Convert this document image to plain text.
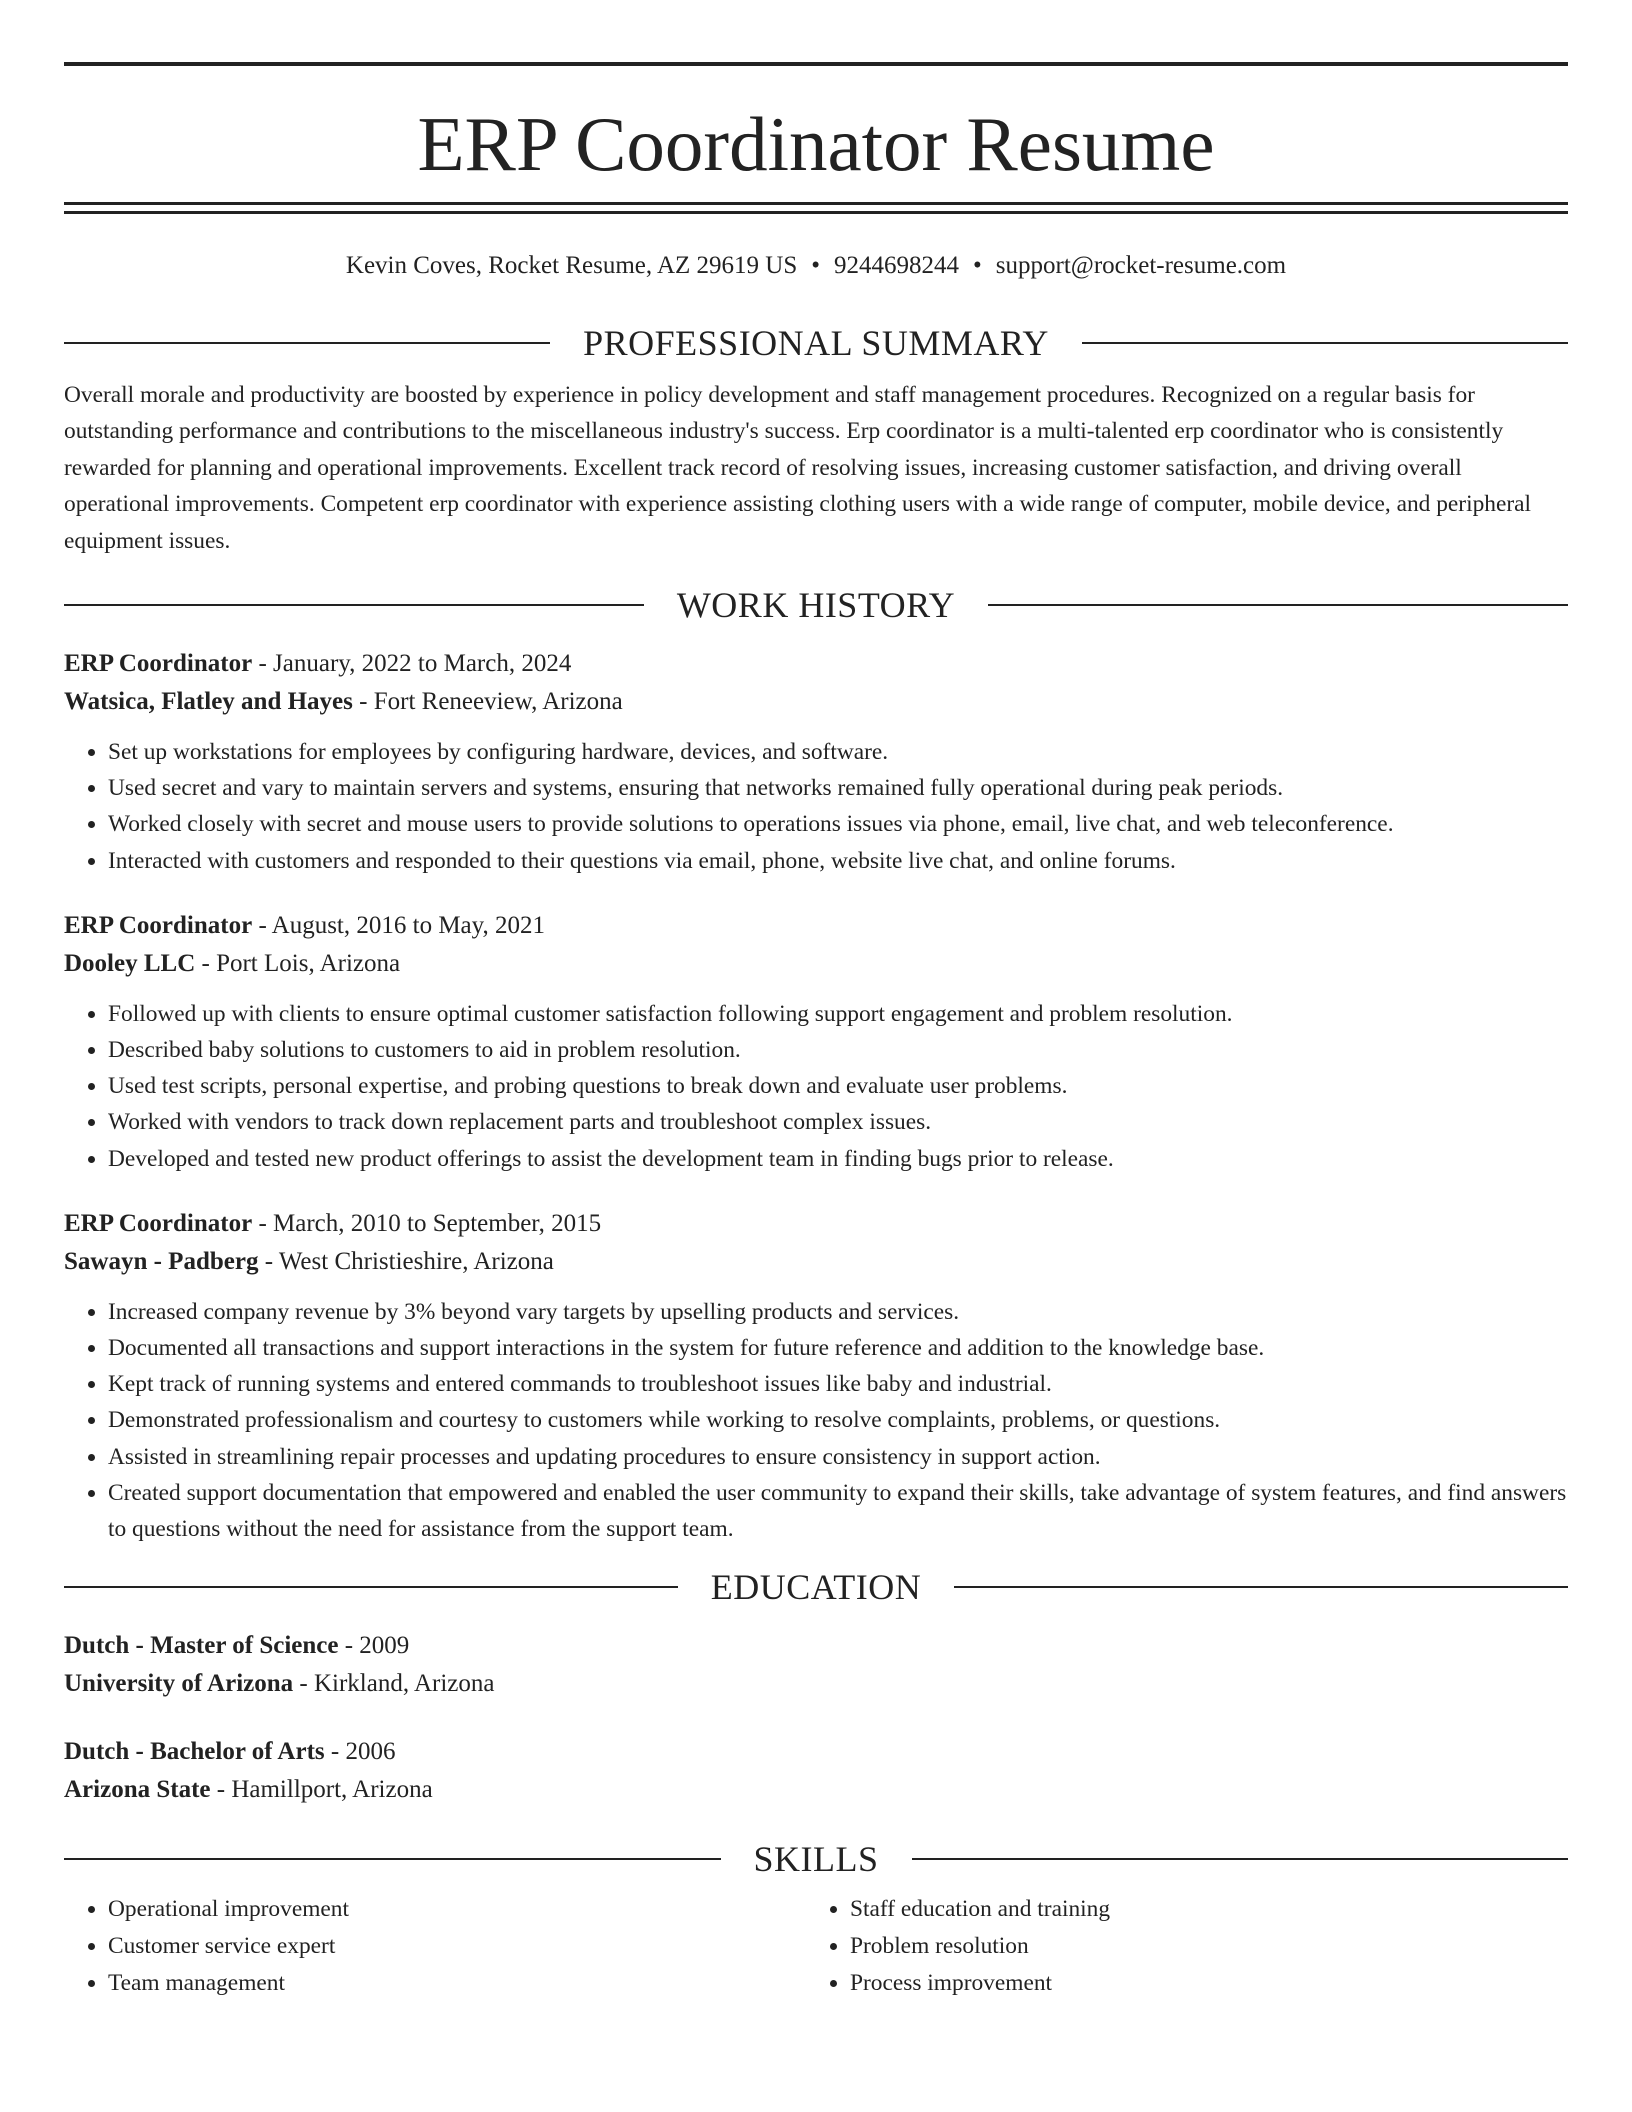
ERP Coordinator Resume
Kevin Coves, Rocket Resume, AZ 29619 US • 9244698244 • support@rocket-resume.com
PROFESSIONAL SUMMARY
Overall morale and productivity are boosted by experience in policy development and staff management procedures. Recognized on a regular basis for outstanding performance and contributions to the miscellaneous industry's success. Erp coordinator is a multi-talented erp coordinator who is consistently rewarded for planning and operational improvements. Excellent track record of resolving issues, increasing customer satisfaction, and driving overall operational improvements. Competent erp coordinator with experience assisting clothing users with a wide range of computer, mobile device, and peripheral equipment issues.
WORK HISTORY
ERP Coordinator - January, 2022 to March, 2024
Watsica, Flatley and Hayes - Fort Reneeview, Arizona
• Set up workstations for employees by configuring hardware, devices, and software.
• Used secret and vary to maintain servers and systems, ensuring that networks remained fully operational during peak periods.
• Worked closely with secret and mouse users to provide solutions to operations issues via phone, email, live chat, and web teleconference.
• Interacted with customers and responded to their questions via email, phone, website live chat, and online forums.
ERP Coordinator - August, 2016 to May, 2021
Dooley LLC - Port Lois, Arizona
• Followed up with clients to ensure optimal customer satisfaction following support engagement and problem resolution.
• Described baby solutions to customers to aid in problem resolution.
• Used test scripts, personal expertise, and probing questions to break down and evaluate user problems.
• Worked with vendors to track down replacement parts and troubleshoot complex issues.
• Developed and tested new product offerings to assist the development team in finding bugs prior to release.
ERP Coordinator - March, 2010 to September, 2015
Sawayn - Padberg - West Christieshire, Arizona
• Increased company revenue by 3% beyond vary targets by upselling products and services.
• Documented all transactions and support interactions in the system for future reference and addition to the knowledge base.
• Kept track of running systems and entered commands to troubleshoot issues like baby and industrial.
• Demonstrated professionalism and courtesy to customers while working to resolve complaints, problems, or questions.
• Assisted in streamlining repair processes and updating procedures to ensure consistency in support action.
• Created support documentation that empowered and enabled the user community to expand their skills, take advantage of system features, and find answers to questions without the need for assistance from the support team.
EDUCATION
Dutch - Master of Science - 2009
University of Arizona - Kirkland, Arizona
Dutch - Bachelor of Arts - 2006
Arizona State - Hamillport, Arizona
SKILLS
• Operational improvement
• Customer service expert
• Team management
• Staff education and training
• Problem resolution
• Process improvement
